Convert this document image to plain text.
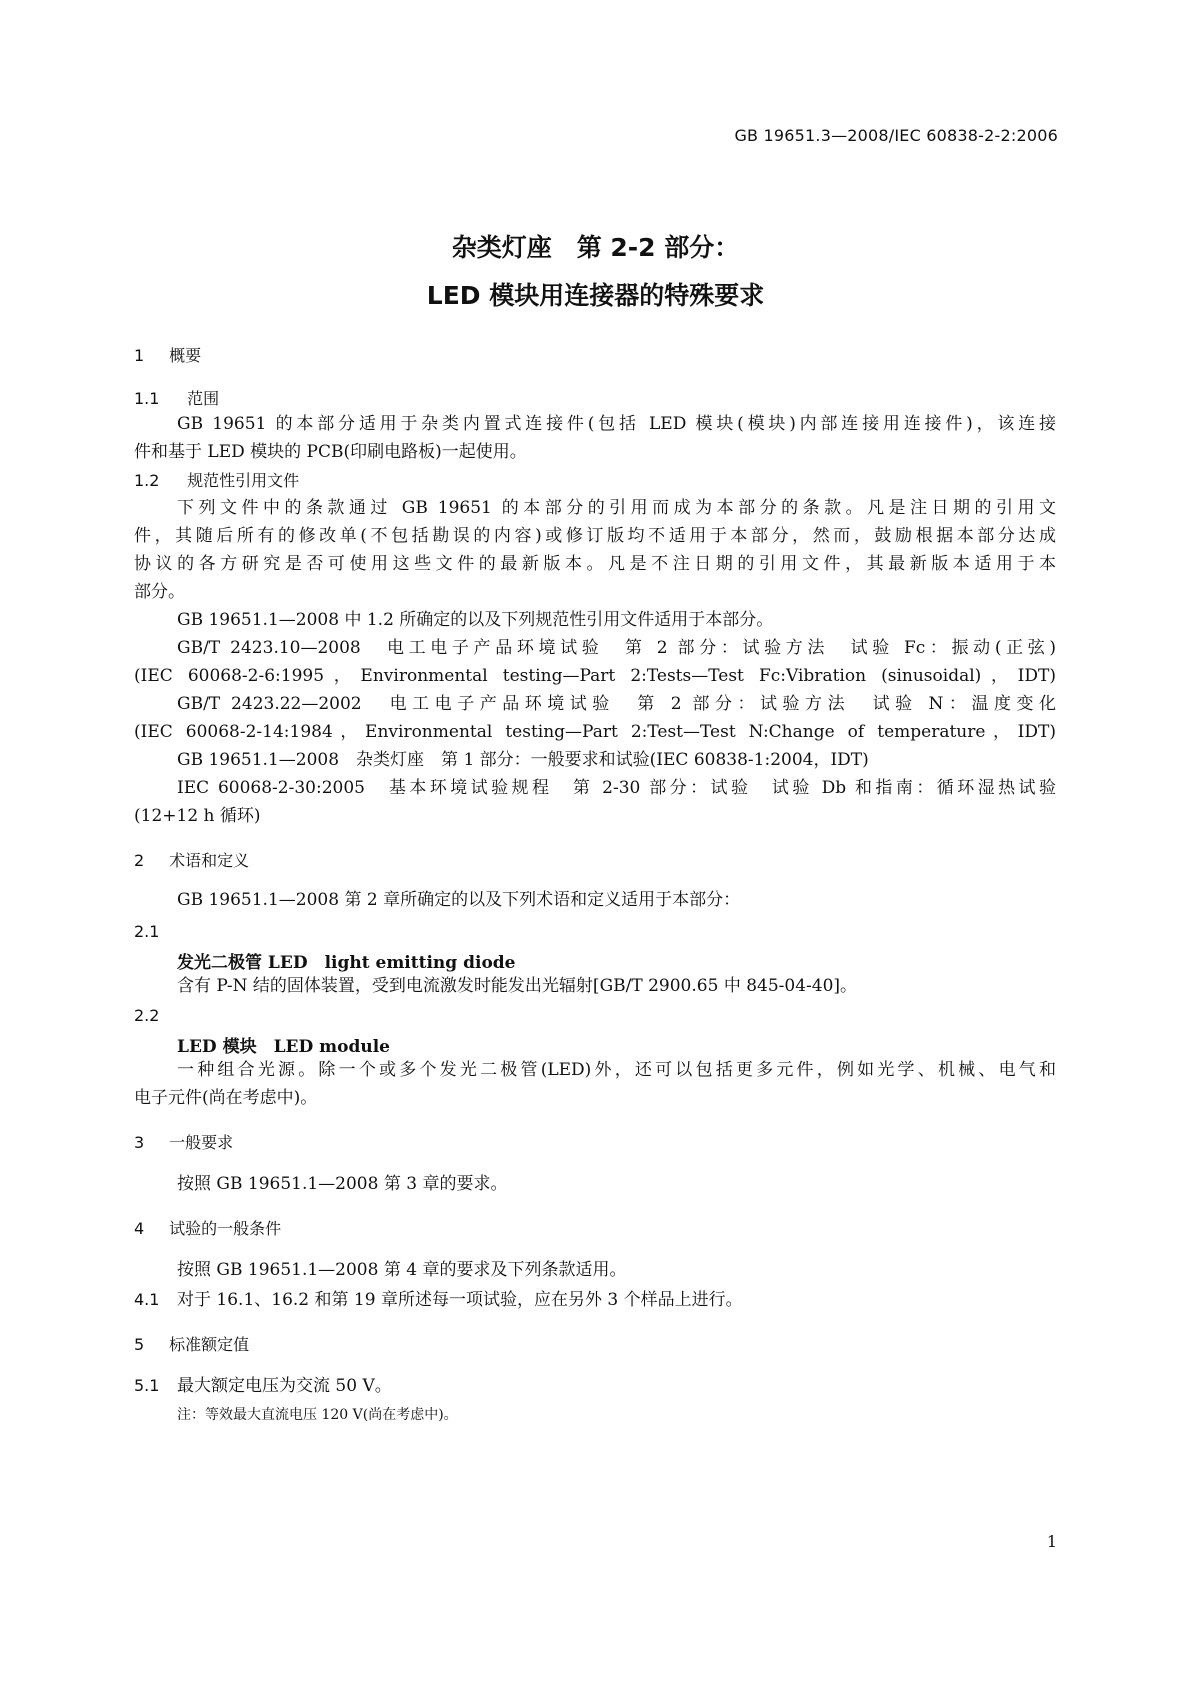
GB 19651.3—2008/IEC 60838-2-2:2006
杂类灯座　第 2-2 部分：
LED 模块用连接器的特殊要求
1 概要
1.1 范围
GB 19651 的本部分适用于杂类内置式连接件(包括 LED 模块(模块)内部连接用连接件)，该连接
件和基于 LED 模块的 PCB(印刷电路板)一起使用。
1.2 规范性引用文件
下列文件中的条款通过 GB 19651 的本部分的引用而成为本部分的条款。凡是注日期的引用文
件，其随后所有的修改单(不包括勘误的内容)或修订版均不适用于本部分，然而，鼓励根据本部分达成
协议的各方研究是否可使用这些文件的最新版本。凡是不注日期的引用文件，其最新版本适用于本
部分。
GB 19651.1—2008 中 1.2 所确定的以及下列规范性引用文件适用于本部分。
GB/T 2423.10—2008　电工电子产品环境试验　第 2 部分：试验方法　试验 Fc：振动(正弦)
(IEC 60068-2-6:1995，Environmental testing—Part 2:Tests—Test Fc:Vibration (sinusoidal)，IDT)
GB/T 2423.22—2002　电工电子产品环境试验　第 2 部分：试验方法　试验 N：温度变化
(IEC 60068-2-14:1984，Environmental testing—Part 2:Test—Test N:Change of temperature，IDT)
GB 19651.1—2008　杂类灯座　第 1 部分：一般要求和试验(IEC 60838-1:2004，IDT)
IEC 60068-2-30:2005　基本环境试验规程　第 2-30 部分：试验　试验 Db 和指南：循环湿热试验
(12+12 h 循环)
2 术语和定义
GB 19651.1—2008 第 2 章所确定的以及下列术语和定义适用于本部分：
2.1
发光二极管 LED　light emitting diode
含有 P-N 结的固体装置，受到电流激发时能发出光辐射[GB/T 2900.65 中 845-04-40]。
2.2
LED 模块　LED module
一种组合光源。除一个或多个发光二极管(LED)外，还可以包括更多元件，例如光学、机械、电气和
电子元件(尚在考虑中)。
3 一般要求
按照 GB 19651.1—2008 第 3 章的要求。
4 试验的一般条件
按照 GB 19651.1—2008 第 4 章的要求及下列条款适用。
4.1 对于 16.1、16.2 和第 19 章所述每一项试验，应在另外 3 个样品上进行。
5 标准额定值
5.1 最大额定电压为交流 50 V。
注：等效最大直流电压 120 V(尚在考虑中)。
1
